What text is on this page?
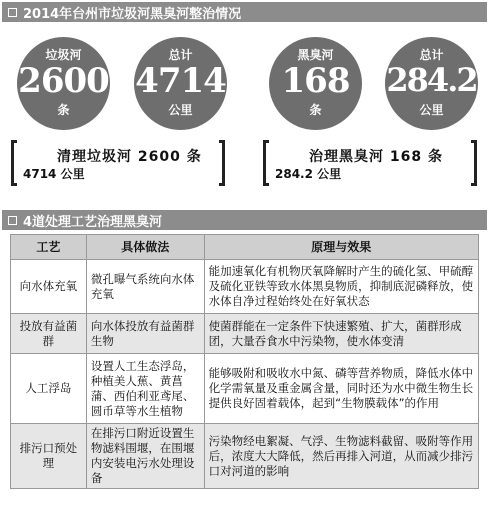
2014年台州市垃圾河黑臭河整治情况
垃圾河
2600
条
总计
4714
公里
黑臭河
168
条
总计
284.2
公里
清理垃圾河 2600 条
4714 公里
治理黑臭河 168 条
284.2 公里
4道处理工艺治理黑臭河
工艺	具体做法	原理与效果
向水体充氧	微孔曝气系统向水体充氧	能加速氧化有机物厌氧降解时产生的硫化氢、甲硫醇及硫化亚铁等致水体黑臭物质，抑制底泥磷释放，使水体自净过程始终处在好氧状态
投放有益菌群	向水体投放有益菌群生物	使菌群能在一定条件下快速繁殖、扩大，菌群形成团，大量吞食水中污染物，使水体变清
人工浮岛	设置人工生态浮岛，种植美人蕉、黄菖蒲、西伯利亚鸢尾、圆币草等水生植物	能够吸附和吸收水中氮、磷等营养物质，降低水体中化学需氧量及重金属含量，同时还为水中微生物生长提供良好固着载体，起到“生物膜载体”的作用
排污口预处理	在排污口附近设置生物滤料围堰，在围堰内安装电污水处理设备	污染物经电絮凝、气浮、生物滤料截留、吸附等作用后，浓度大大降低，然后再排入河道，从而减少排污口对河道的影响
